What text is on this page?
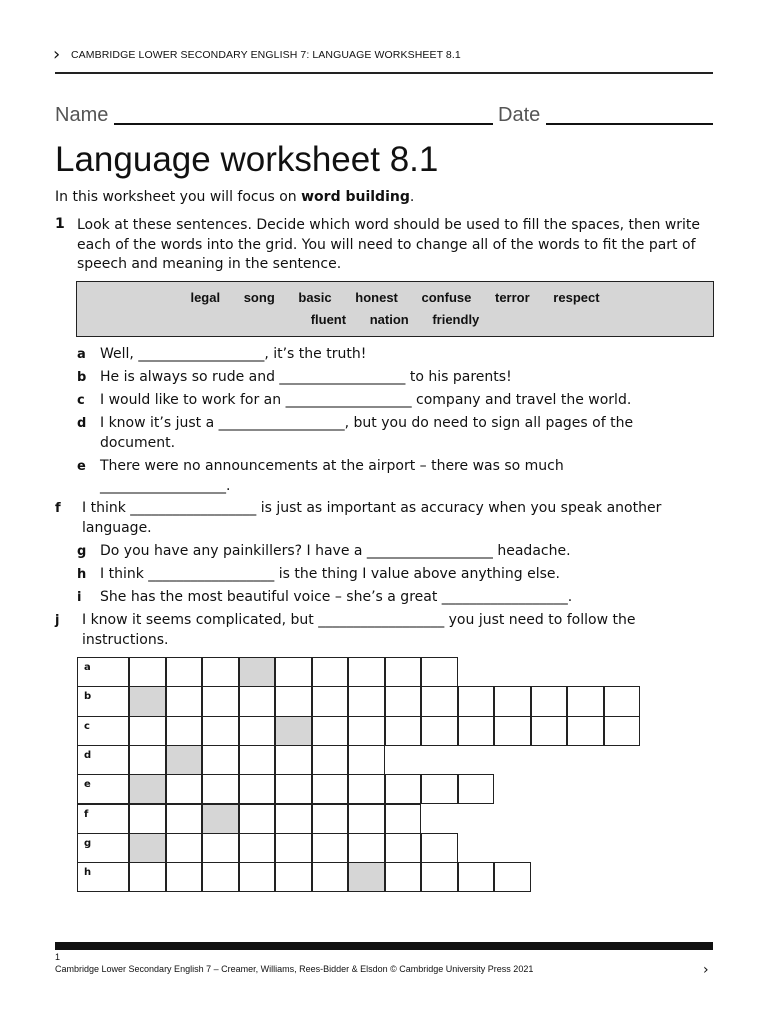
› CAMBRIDGE LOWER SECONDARY ENGLISH 7: LANGUAGE WORKSHEET 8.1
Name	Date
Language worksheet 8.1
In this worksheet you will focus on word building.
1 Look at these sentences. Decide which word should be used to fill the spaces, then write each of the words into the grid. You will need to change all of the words to fit the part of speech and meaning in the sentence.
legal song basic honest confuse terror respect
fluent nation friendly
a Well, __________________, it’s the truth!
b He is always so rude and __________________ to his parents!
c I would like to work for an __________________ company and travel the world.
d I know it’s just a __________________, but you do need to sign all pages of the document.
e There were no announcements at the airport – there was so much __________________.
f I think __________________ is just as important as accuracy when you speak another language.
g Do you have any painkillers? I have a __________________ headache.
h I think __________________ is the thing I value above anything else.
i She has the most beautiful voice – she’s a great __________________.
j I know it seems complicated, but __________________ you just need to follow the instructions.
a
b
c
d
e
f
g
h
1
Cambridge Lower Secondary English 7 – Creamer, Williams, Rees-Bidder & Elsdon © Cambridge University Press 2021	›
